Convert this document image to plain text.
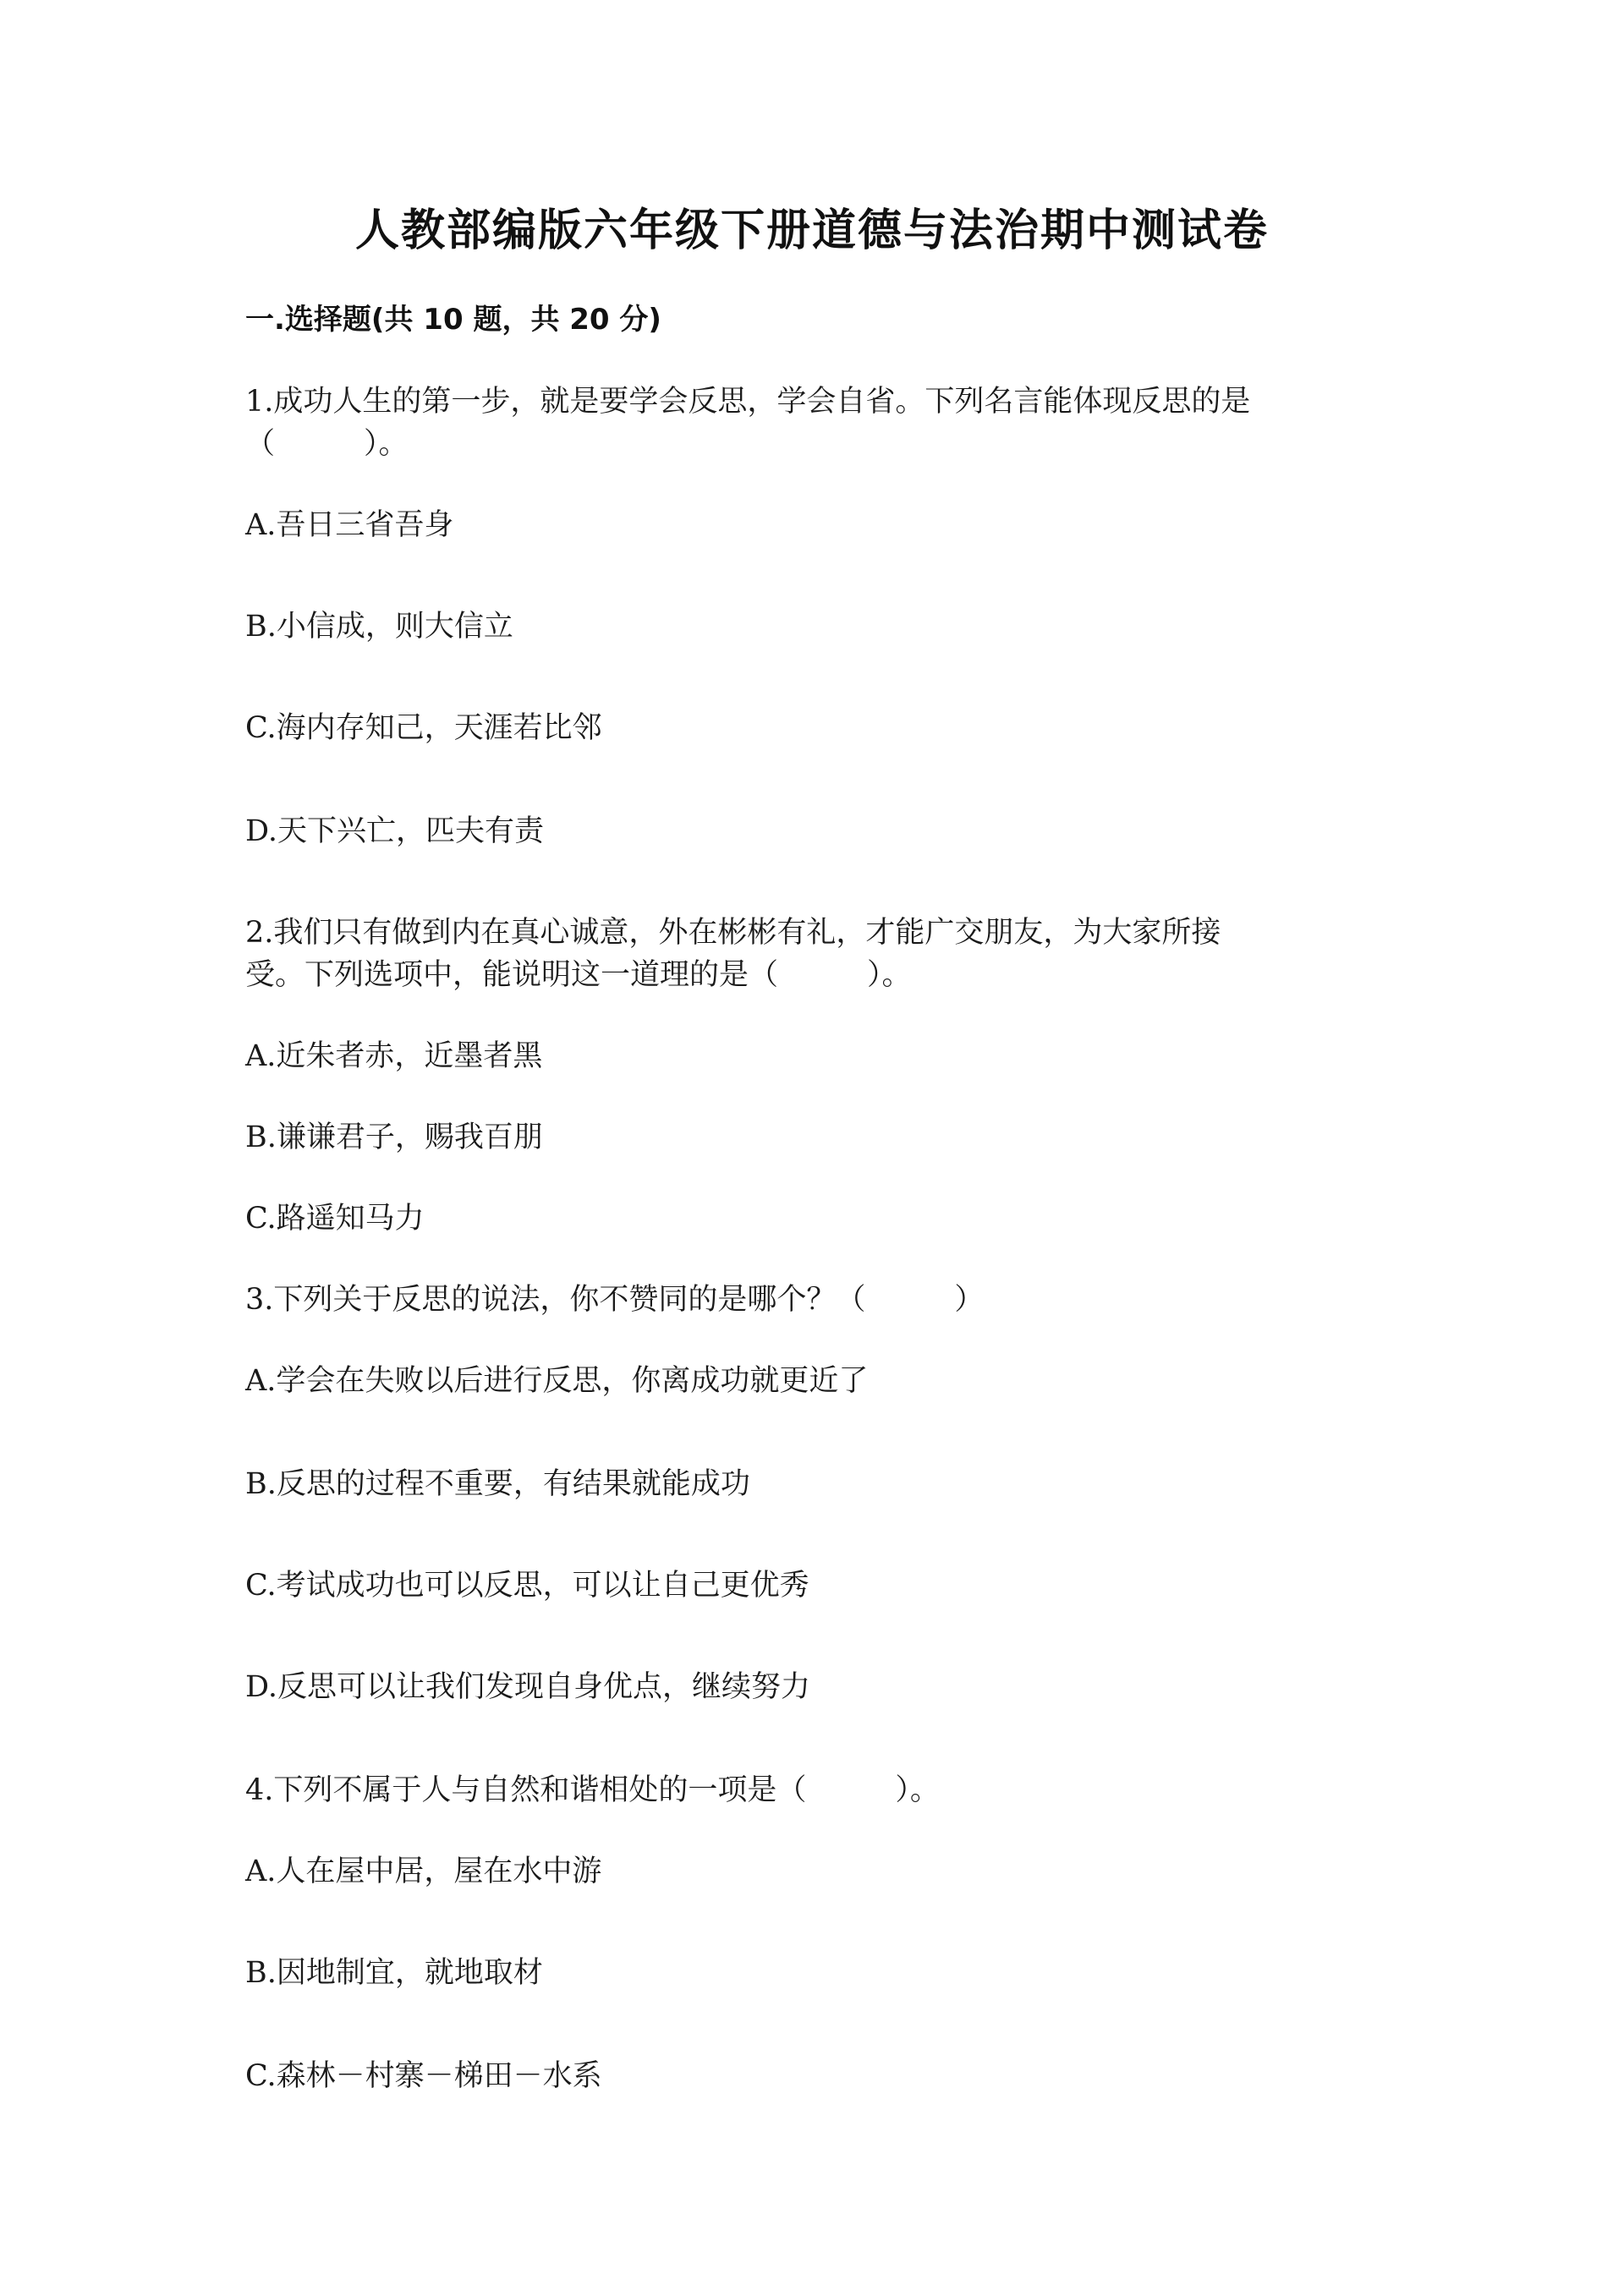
人教部编版六年级下册道德与法治期中测试卷
一.选择题(共 10 题，共 20 分)
1.成功人生的第一步，就是要学会反思，学会自省。下列名言能体现反思的是
（　　　）。
A.吾日三省吾身
B.小信成，则大信立
C.海内存知己，天涯若比邻
D.天下兴亡，匹夫有责
2.我们只有做到内在真心诚意，外在彬彬有礼，才能广交朋友，为大家所接
受。下列选项中，能说明这一道理的是（　　　）。
A.近朱者赤，近墨者黑
B.谦谦君子，赐我百朋
C.路遥知马力
3.下列关于反思的说法，你不赞同的是哪个？（　　　）
A.学会在失败以后进行反思，你离成功就更近了
B.反思的过程不重要，有结果就能成功
C.考试成功也可以反思，可以让自己更优秀
D.反思可以让我们发现自身优点，继续努力
4.下列不属于人与自然和谐相处的一项是（　　　）。
A.人在屋中居，屋在水中游
B.因地制宜，就地取材
C.森林－村寨－梯田－水系
